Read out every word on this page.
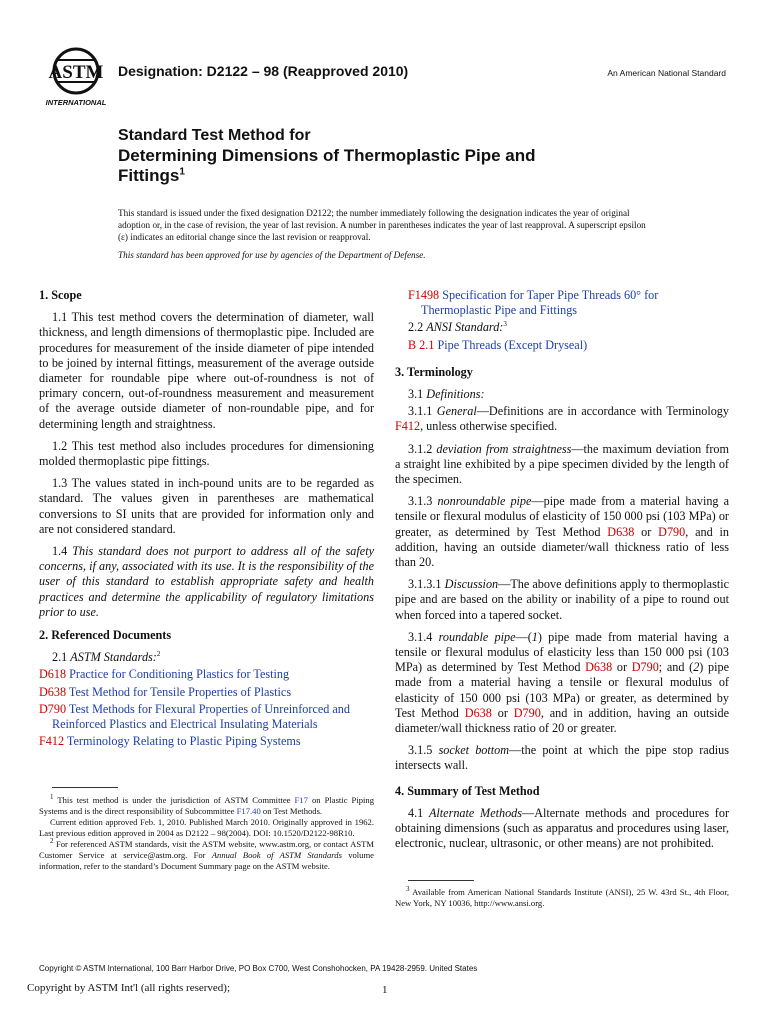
ASTM
INTERNATIONAL
Designation: D2122 – 98 (Reapproved 2010)	An American National Standard
Standard Test Method for
Determining Dimensions of Thermoplastic Pipe and
Fittings$^1$

This standard is issued under the fixed designation D2122; the number immediately following the designation indicates the year of original adoption or, in the case of revision, the year of last revision. A number in parentheses indicates the year of last reapproval. A superscript epsilon (ε) indicates an editorial change since the last revision or reapproval.

This standard has been approved for use by agencies of the Department of Defense.

1. Scope

1.1 This test method covers the determination of diameter, wall thickness, and length dimensions of thermoplastic pipe. Included are procedures for measurement of the inside diameter of pipe intended to be joined by internal fittings, measurement of the average outside diameter for roundable pipe where out-of-roundness is not of primary concern, out-of-roundness measurement and measurement of the average outside diameter of non-roundable pipe, and for determining length and straightness.

1.2 This test method also includes procedures for dimensioning molded thermoplastic pipe fittings.

1.3 The values stated in inch-pound units are to be regarded as standard. The values given in parentheses are mathematical conversions to SI units that are provided for information only and are not considered standard.

1.4 This standard does not purport to address all of the safety concerns, if any, associated with its use. It is the responsibility of the user of this standard to establish appropriate safety and health practices and determine the applicability of regulatory limitations prior to use.

2. Referenced Documents

2.1 ASTM Standards:$^2$

D618 Practice for Conditioning Plastics for Testing

D638 Test Method for Tensile Properties of Plastics

D790 Test Methods for Flexural Properties of Unreinforced and Reinforced Plastics and Electrical Insulating Materials

F412 Terminology Relating to Plastic Piping Systems

$^1$ This test method is under the jurisdiction of ASTM Committee F17 on Plastic Piping Systems and is the direct responsibility of Subcommittee F17.40 on Test Methods.

Current edition approved Feb. 1, 2010. Published March 2010. Originally approved in 1962. Last previous edition approved in 2004 as D2122 – 98(2004). DOI: 10.1520/D2122-98R10.

$^2$ For referenced ASTM standards, visit the ASTM website, www.astm.org, or contact ASTM Customer Service at service@astm.org. For Annual Book of ASTM Standards volume information, refer to the standard’s Document Summary page on the ASTM website.

F1498 Specification for Taper Pipe Threads 60° for Thermoplastic Pipe and Fittings

2.2 ANSI Standard:$^3$

B 2.1 Pipe Threads (Except Dryseal)

3. Terminology

3.1 Definitions:

3.1.1 General—Definitions are in accordance with Terminology F412, unless otherwise specified.

3.1.2 deviation from straightness—the maximum deviation from a straight line exhibited by a pipe specimen divided by the length of the specimen.

3.1.3 nonroundable pipe—pipe made from a material having a tensile or flexural modulus of elasticity of 150 000 psi (103 MPa) or greater, as determined by Test Method D638 or D790, and in addition, having an outside diameter/wall thickness ratio of less than 20.

3.1.3.1 Discussion—The above definitions apply to thermoplastic pipe and are based on the ability or inability of a pipe to round out when forced into a tapered socket.

3.1.4 roundable pipe—(1) pipe made from material having a tensile or flexural modulus of elasticity less than 150 000 psi (103 MPa) as determined by Test Method D638 or D790; and (2) pipe made from a material having a tensile or flexural modulus of elasticity of 150 000 psi (103 MPa) or greater, as determined by Test Method D638 or D790, and in addition, having an outside diameter/wall thickness ratio of 20 or greater.

3.1.5 socket bottom—the point at which the pipe stop radius intersects wall.

4. Summary of Test Method

4.1 Alternate Methods—Alternate methods and procedures for obtaining dimensions (such as apparatus and procedures using laser, electronic, nuclear, ultrasonic, or other means) are not prohibited.

$^3$ Available from American National Standards Institute (ANSI), 25 W. 43rd St., 4th Floor, New York, NY 10036, http://www.ansi.org.

Copyright © ASTM International, 100 Barr Harbor Drive, PO Box C700, West Conshohocken, PA 19428-2959. United States
Copyright by ASTM Int'l (all rights reserved);	1
